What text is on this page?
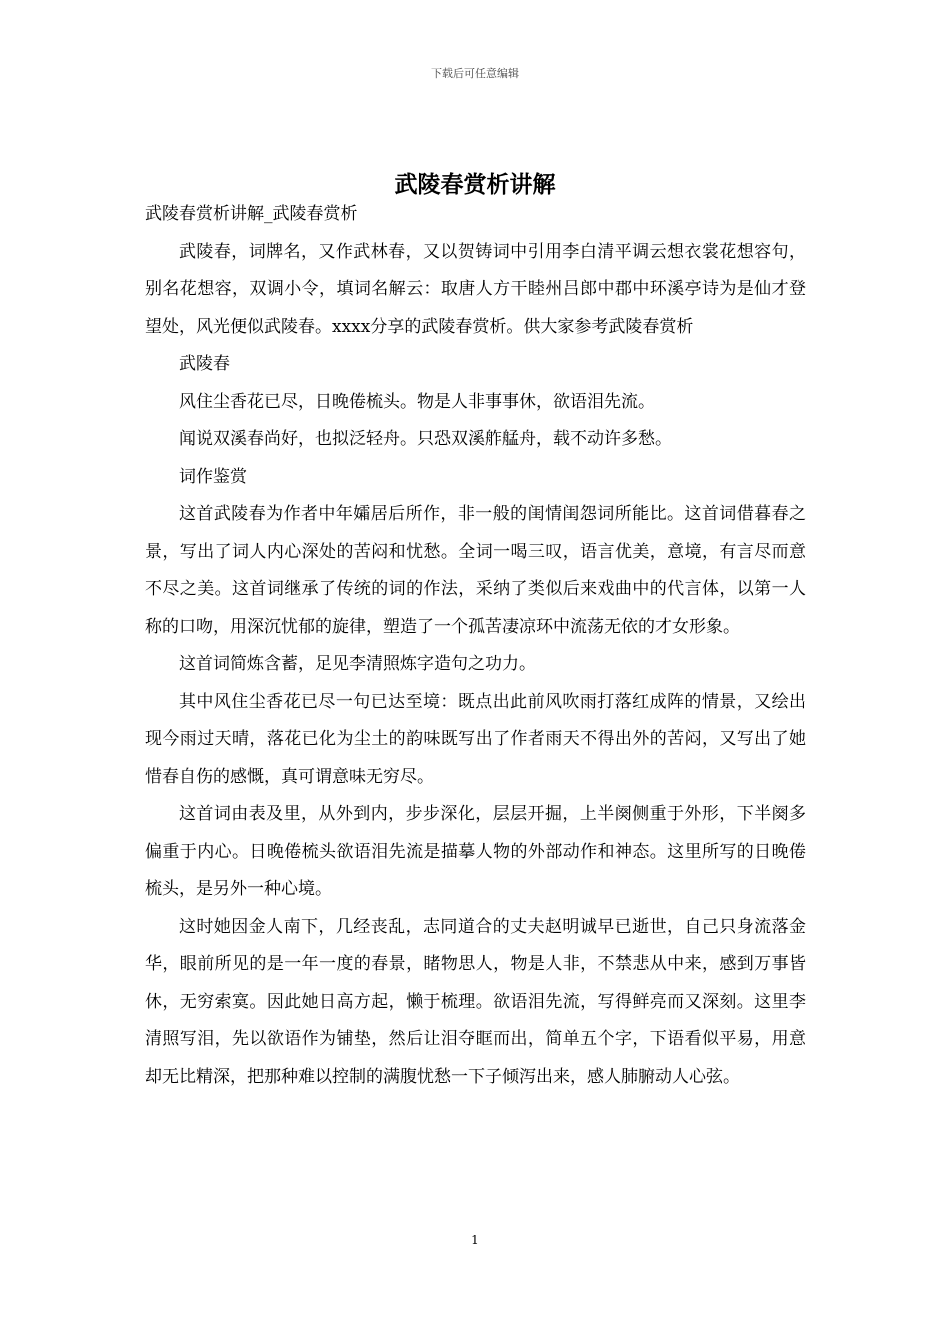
下载后可任意编辑
武陵春赏析讲解

武陵春赏析讲解_武陵春赏析

武陵春，词牌名，又作武林春，又以贺铸词中引用李白清平调云想衣裳花想容句，别名花想容，双调小令，填词名解云：取唐人方干睦州吕郎中郡中环溪亭诗为是仙才登望处，风光便似武陵春。xxxx分享的武陵春赏析。供大家参考武陵春赏析

武陵春

风住尘香花已尽，日晚倦梳头。物是人非事事休，欲语泪先流。

闻说双溪春尚好，也拟泛轻舟。只恐双溪舴艋舟，载不动许多愁。

词作鉴赏

这首武陵春为作者中年孀居后所作，非一般的闺情闺怨词所能比。这首词借暮春之景，写出了词人内心深处的苦闷和忧愁。全词一喝三叹，语言优美，意境，有言尽而意不尽之美。这首词继承了传统的词的作法，采纳了类似后来戏曲中的代言体，以第一人称的口吻，用深沉忧郁的旋律，塑造了一个孤苦凄凉环中流荡无依的才女形象。

这首词简炼含蓄，足见李清照炼字造句之功力。

其中风住尘香花已尽一句已达至境：既点出此前风吹雨打落红成阵的情景，又绘出现今雨过天晴，落花已化为尘土的韵味既写出了作者雨天不得出外的苦闷，又写出了她惜春自伤的感慨，真可谓意味无穷尽。

这首词由表及里，从外到内，步步深化，层层开掘，上半阕侧重于外形，下半阕多偏重于内心。日晚倦梳头欲语泪先流是描摹人物的外部动作和神态。这里所写的日晚倦梳头，是另外一种心境。

这时她因金人南下，几经丧乱，志同道合的丈夫赵明诚早已逝世，自己只身流落金华，眼前所见的是一年一度的春景，睹物思人，物是人非，不禁悲从中来，感到万事皆休，无穷索寞。因此她日高方起，懒于梳理。欲语泪先流，写得鲜亮而又深刻。这里李清照写泪，先以欲语作为铺垫，然后让泪夺眶而出，简单五个字，下语看似平易，用意却无比精深，把那种难以控制的满腹忧愁一下子倾泻出来，感人肺腑动人心弦。

1
